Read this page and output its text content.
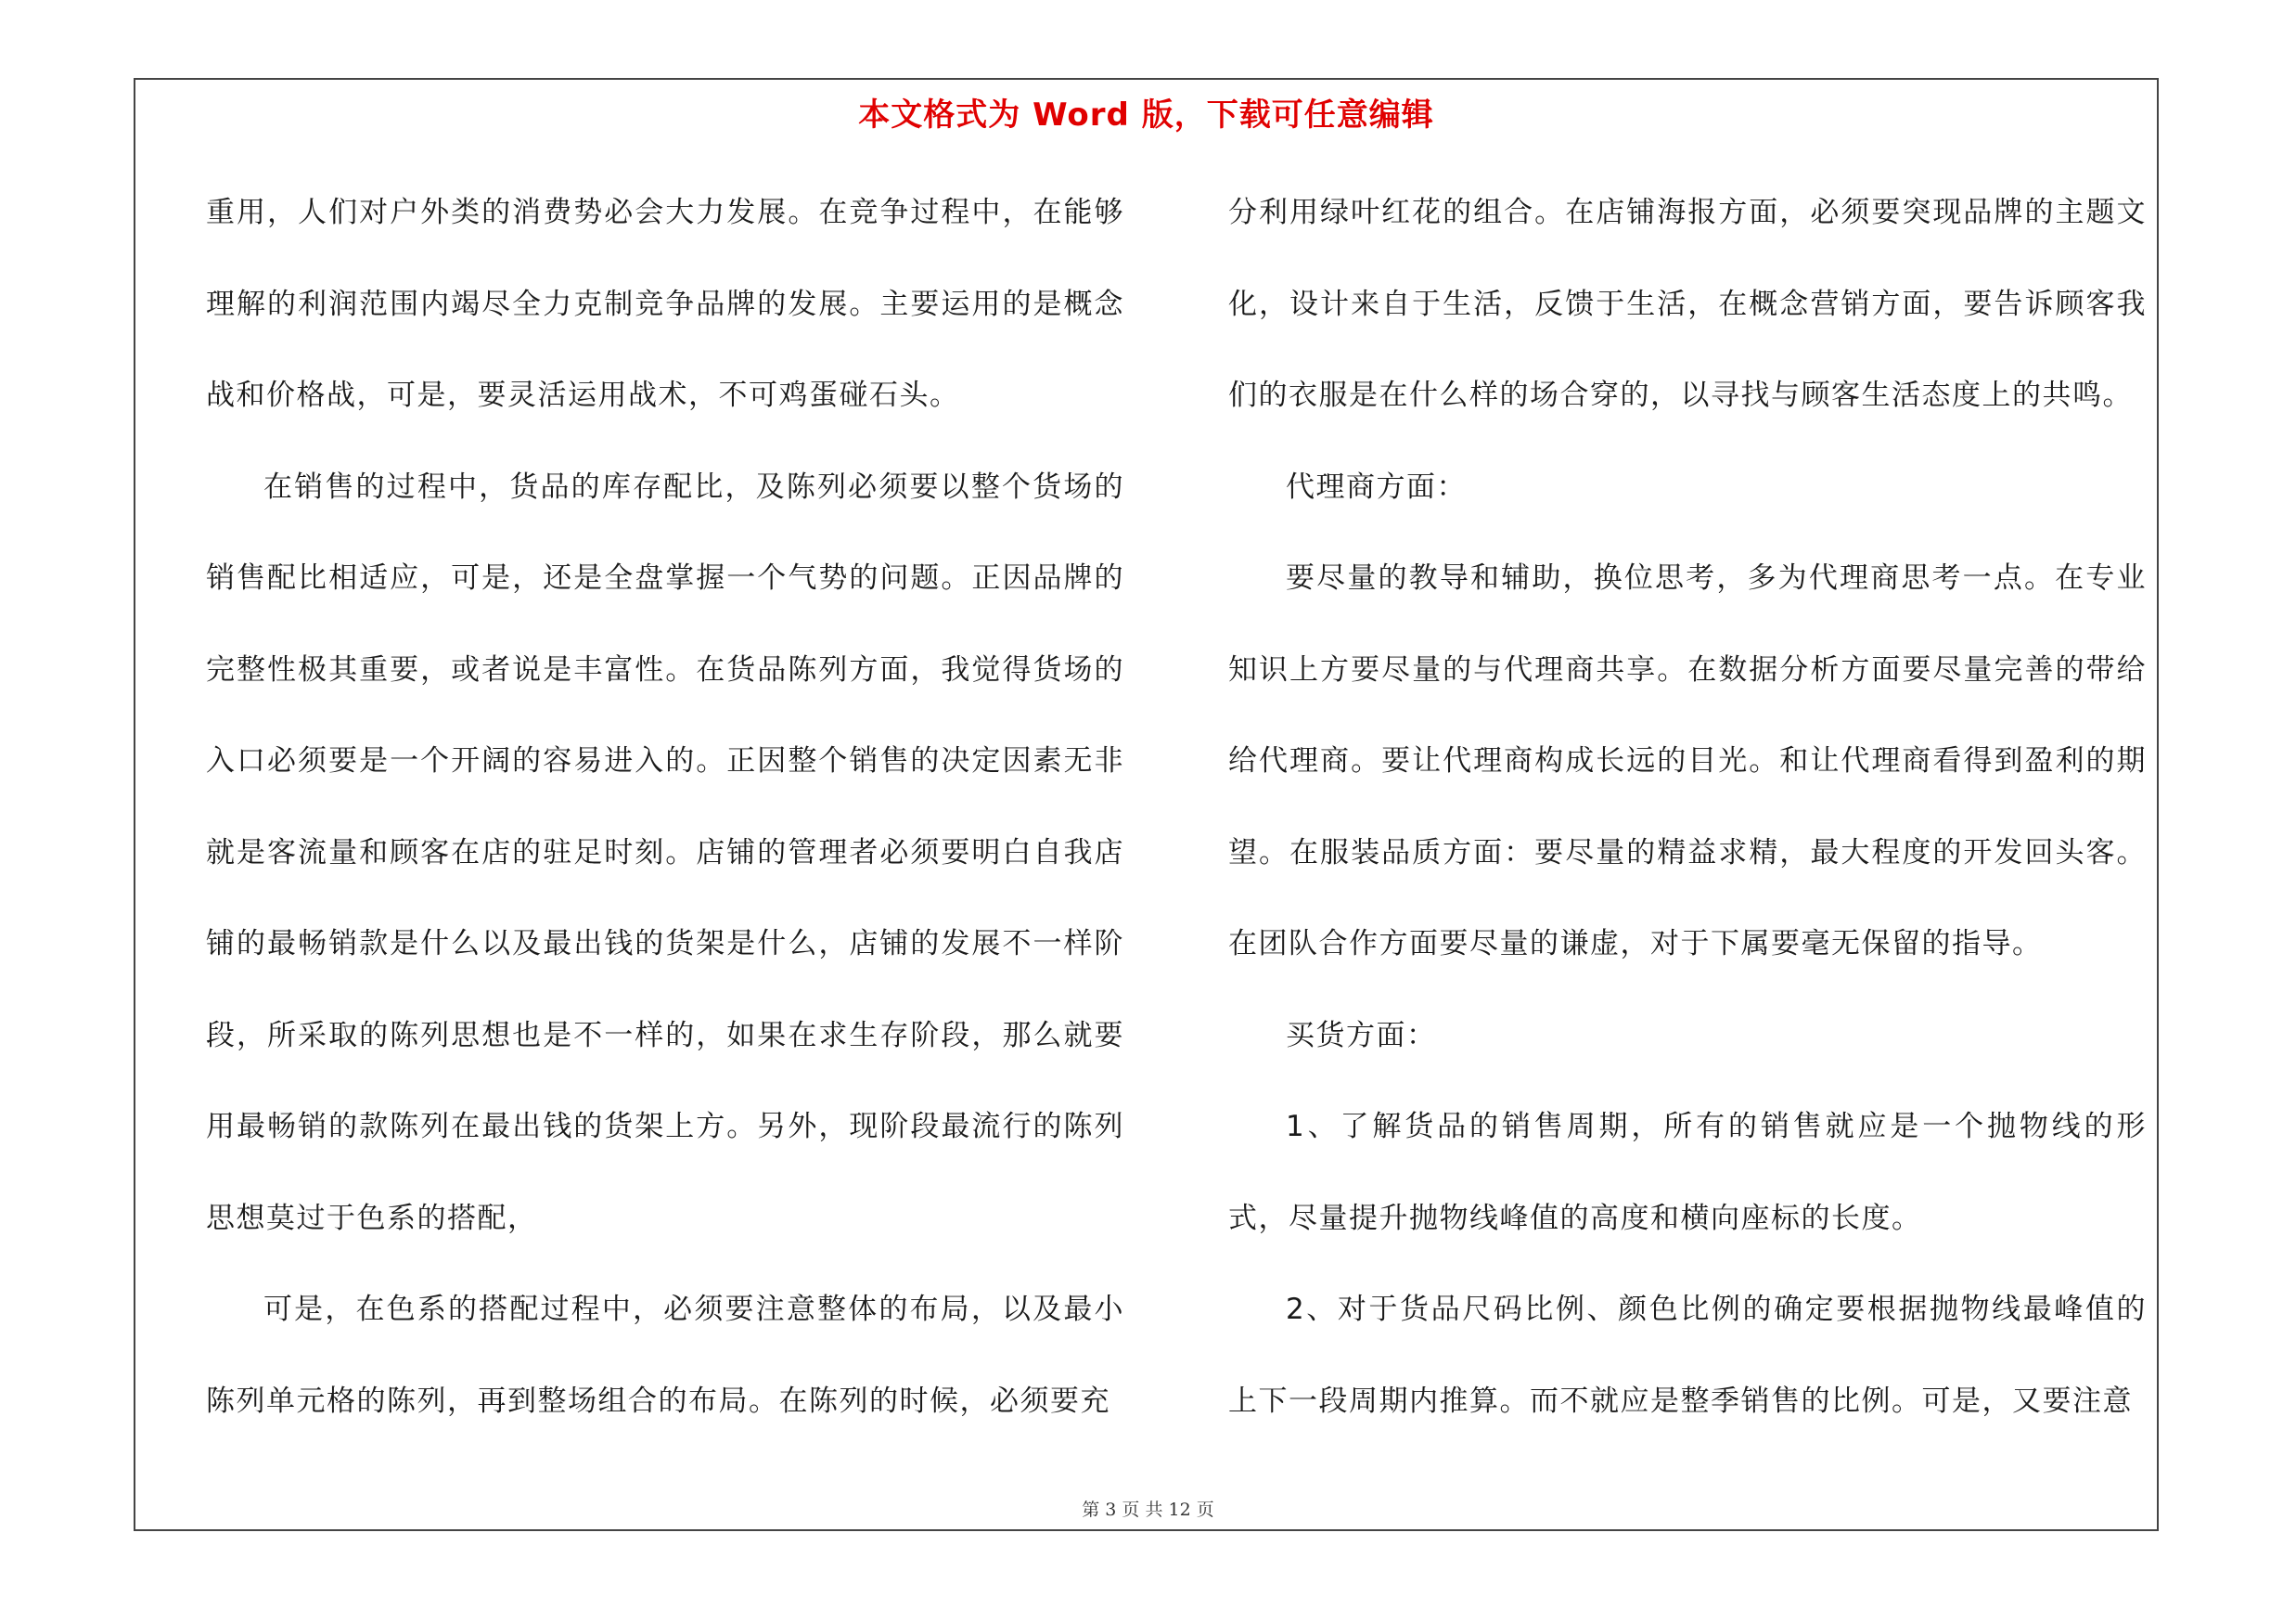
本文格式为 Word 版，下载可任意编辑

重用，人们对户外类的消费势必会大力发展。在竞争过程中，在能够理解的利润范围内竭尽全力克制竞争品牌的发展。主要运用的是概念战和价格战，可是，要灵活运用战术，不可鸡蛋碰石头。

在销售的过程中，货品的库存配比，及陈列必须要以整个货场的销售配比相适应，可是，还是全盘掌握一个气势的问题。正因品牌的完整性极其重要，或者说是丰富性。在货品陈列方面，我觉得货场的入口必须要是一个开阔的容易进入的。正因整个销售的决定因素无非就是客流量和顾客在店的驻足时刻。店铺的管理者必须要明白自我店铺的最畅销款是什么以及最出钱的货架是什么，店铺的发展不一样阶段，所采取的陈列思想也是不一样的，如果在求生存阶段，那么就要用最畅销的款陈列在最出钱的货架上方。另外，现阶段最流行的陈列思想莫过于色系的搭配，

可是，在色系的搭配过程中，必须要注意整体的布局，以及最小陈列单元格的陈列，再到整场组合的布局。在陈列的时候，必须要充

分利用绿叶红花的组合。在店铺海报方面，必须要突现品牌的主题文化，设计来自于生活，反馈于生活，在概念营销方面，要告诉顾客我们的衣服是在什么样的场合穿的，以寻找与顾客生活态度上的共鸣。

代理商方面：

要尽量的教导和辅助，换位思考，多为代理商思考一点。在专业知识上方要尽量的与代理商共享。在数据分析方面要尽量完善的带给给代理商。要让代理商构成长远的目光。和让代理商看得到盈利的期望。在服装品质方面：要尽量的精益求精，最大程度的开发回头客。在团队合作方面要尽量的谦虚，对于下属要毫无保留的指导。

买货方面：

1、了解货品的销售周期，所有的销售就应是一个抛物线的形式，尽量提升抛物线峰值的高度和横向座标的长度。

2、对于货品尺码比例、颜色比例的确定要根据抛物线最峰值的上下一段周期内推算。而不就应是整季销售的比例。可是，又要注意

第 3 页 共 12 页
